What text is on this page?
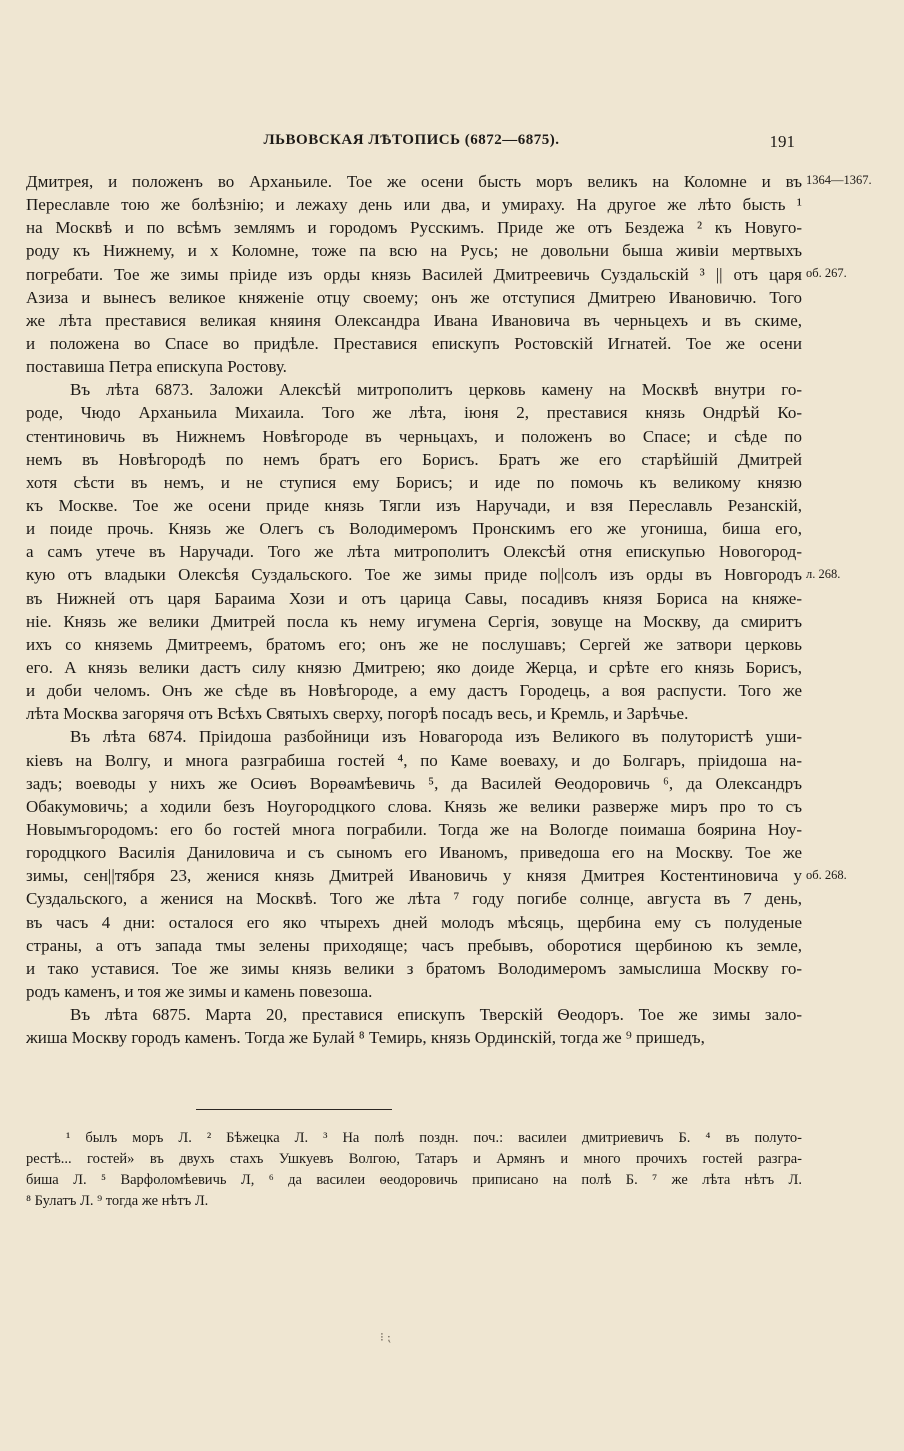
ЛЬВОВСКАЯ ЛѢТОПИСЬ (6872—6875).	191
Дмитрея, и положенъ во Арханьиле. Тое же осени бысть моръ великъ на Коломне и въ
Переславле тою же болѣзнію; и лежаху день или два, и умираху. На другое же лѣто бысть ¹
на Москвѣ и по всѣмъ землямъ и городомъ Русскимъ. Приде же отъ Бездежа ² къ Новуго-
роду къ Нижнему, и х Коломне, тоже па всю на Русь; не довольни быша живіи мертвыхъ
погребати. Тое же зимы пріиде изъ орды князь Василей Дмитреевичь Суздальскій ³ || отъ царя
Азиза и вынесъ великое княженіе отцу своему; онъ же отступися Дмитрею Ивановичю. Того
же лѣта преставися великая княиня Олександра Ивана Ивановича въ черньцехъ и въ скиме,
и положена во Спасе во придѣле. Преставися епискупъ Ростовскій Игнатей. Тое же осени
поставиша Петра епискупа Ростову.
Въ лѣта 6873. Заложи Алексѣй митрополитъ церковь камену на Москвѣ внутри го-
роде, Чюдо Арханьила Михаила. Того же лѣта, іюня 2, преставися князь Ондрѣй Ко-
стентиновичь въ Нижнемъ Новѣгороде въ черньцахъ, и положенъ во Спасе; и сѣде по
немъ въ Новѣгородѣ по немъ братъ его Борисъ. Братъ же его старѣйшій Дмитрей
хотя сѣсти въ немъ, и не ступися ему Борисъ; и иде по помочь къ великому князю
къ Москве. Тое же осени приде князь Тягли изъ Наручади, и взя Переславль Резанскій,
и поиде прочь. Князь же Олегъ съ Володимеромъ Пронскимъ его же угониша, биша его,
а самъ утече въ Наручади. Того же лѣта митрополитъ Олексѣй отня епискупью Новогород-
кую отъ владыки Олексѣя Суздальского. Тое же зимы приде по||солъ изъ орды въ Новгородъ
въ Нижней отъ царя Бараима Хози и отъ царица Савы, посадивъ князя Бориса на княже-
ніе. Князь же велики Дмитрей посла къ нему игумена Сергія, зовуще на Москву, да смиритъ
ихъ со княземь Дмитреемъ, братомъ его; онъ же не послушавъ; Сергей же затвори церковь
его. А князь велики дастъ силу князю Дмитрею; яко доиде Жерца, и срѣте его князь Борисъ,
и доби челомъ. Онъ же сѣде въ Новѣгороде, а ему дастъ Городець, а воя распусти. Того же
лѣта Москва загорячя отъ Всѣхъ Святыхъ сверху, погорѣ посадъ весь, и Кремль, и Зарѣчье.
Въ лѣта 6874. Пріидоша разбойници изъ Новагорода изъ Великого въ полутористѣ уши-
кіевъ на Волгу, и многа разграбиша гостей ⁴, по Каме воеваху, и до Болгаръ, пріидоша на-
задъ; воеводы у нихъ же Осиѳъ Ворѳамѣевичь ⁵, да Василей Ѳеодоровичь ⁶, да Олександръ
Обакумовичь; а ходили безъ Ноугородцкого слова. Князь же велики разверже миръ про то съ
Новымъгородомъ: его бо гостей многа пограбили. Тогда же на Вологде поимаша боярина Ноу-
городцкого Василія Даниловича и съ сыномъ его Иваномъ, приведоша его на Москву. Тое же
зимы, сен||тября 23, женися князь Дмитрей Ивановичь у князя Дмитрея Костентиновича у
Суздальского, а женися на Москвѣ. Того же лѣта ⁷ году погибе солнце, августа въ 7 день,
въ часъ 4 дни: осталося его яко чтырехъ дней молодъ мѣсяць, щербина ему съ полуденые
страны, а отъ запада тмы зелены приходяще; часъ пребывъ, оборотися щербиною къ земле,
и тако уставися. Тое же зимы князь велики з братомъ Володимеромъ замыслиша Москву го-
родъ каменъ, и тоя же зимы и камень повезоша.
Въ лѣта 6875. Марта 20, преставися епискупъ Тверскій Ѳеодоръ. Тое же зимы зало-
жиша Москву городъ каменъ. Тогда же Булай ⁸ Темирь, князь Ординскій, тогда же ⁹ пришедъ,
1364—1367.
об. 267.
л. 268.
об. 268.
¹ былъ моръ Л. ² Бѣжецка Л. ³ На полѣ поздн. поч.: василеи дмитриевичъ Б. ⁴ въ полуто-
рестѣ... гостей» въ двухъ стахъ Ушкуевъ Волгою, Татаръ и Армянъ и много прочихъ гостей разгра-
биша Л. ⁵ Варфоломѣевичь Л, ⁶ да василеи ѳеодоровичь приписано на полѣ Б. ⁷ же лѣта нѣтъ Л.
⁸ Булатъ Л. ⁹ тогда же нѣтъ Л.
⁝ ⁏
